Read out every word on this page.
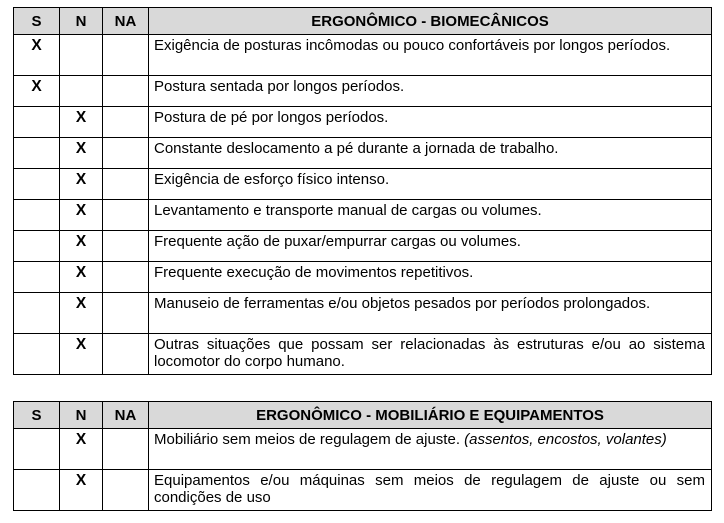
S	N	NA	ERGONÔMICO - BIOMECÂNICOS
X			Exigência de posturas incômodas ou pouco confortáveis por longos períodos.
X			Postura sentada por longos períodos.
	X		Postura de pé por longos períodos.
	X		Constante deslocamento a pé durante a jornada de trabalho.
	X		Exigência de esforço físico intenso.
	X		Levantamento e transporte manual de cargas ou volumes.
	X		Frequente ação de puxar/empurrar cargas ou volumes.
	X		Frequente execução de movimentos repetitivos.
	X		Manuseio de ferramentas e/ou objetos pesados por períodos prolongados.
	X		Outras situações que possam ser relacionadas às estruturas e/ou ao sistema locomotor do corpo humano.
S	N	NA	ERGONÔMICO - MOBILIÁRIO E EQUIPAMENTOS
	X		Mobiliário sem meios de regulagem de ajuste. (assentos, encostos, volantes)
	X		Equipamentos e/ou máquinas sem meios de regulagem de ajuste ou sem condições de uso
